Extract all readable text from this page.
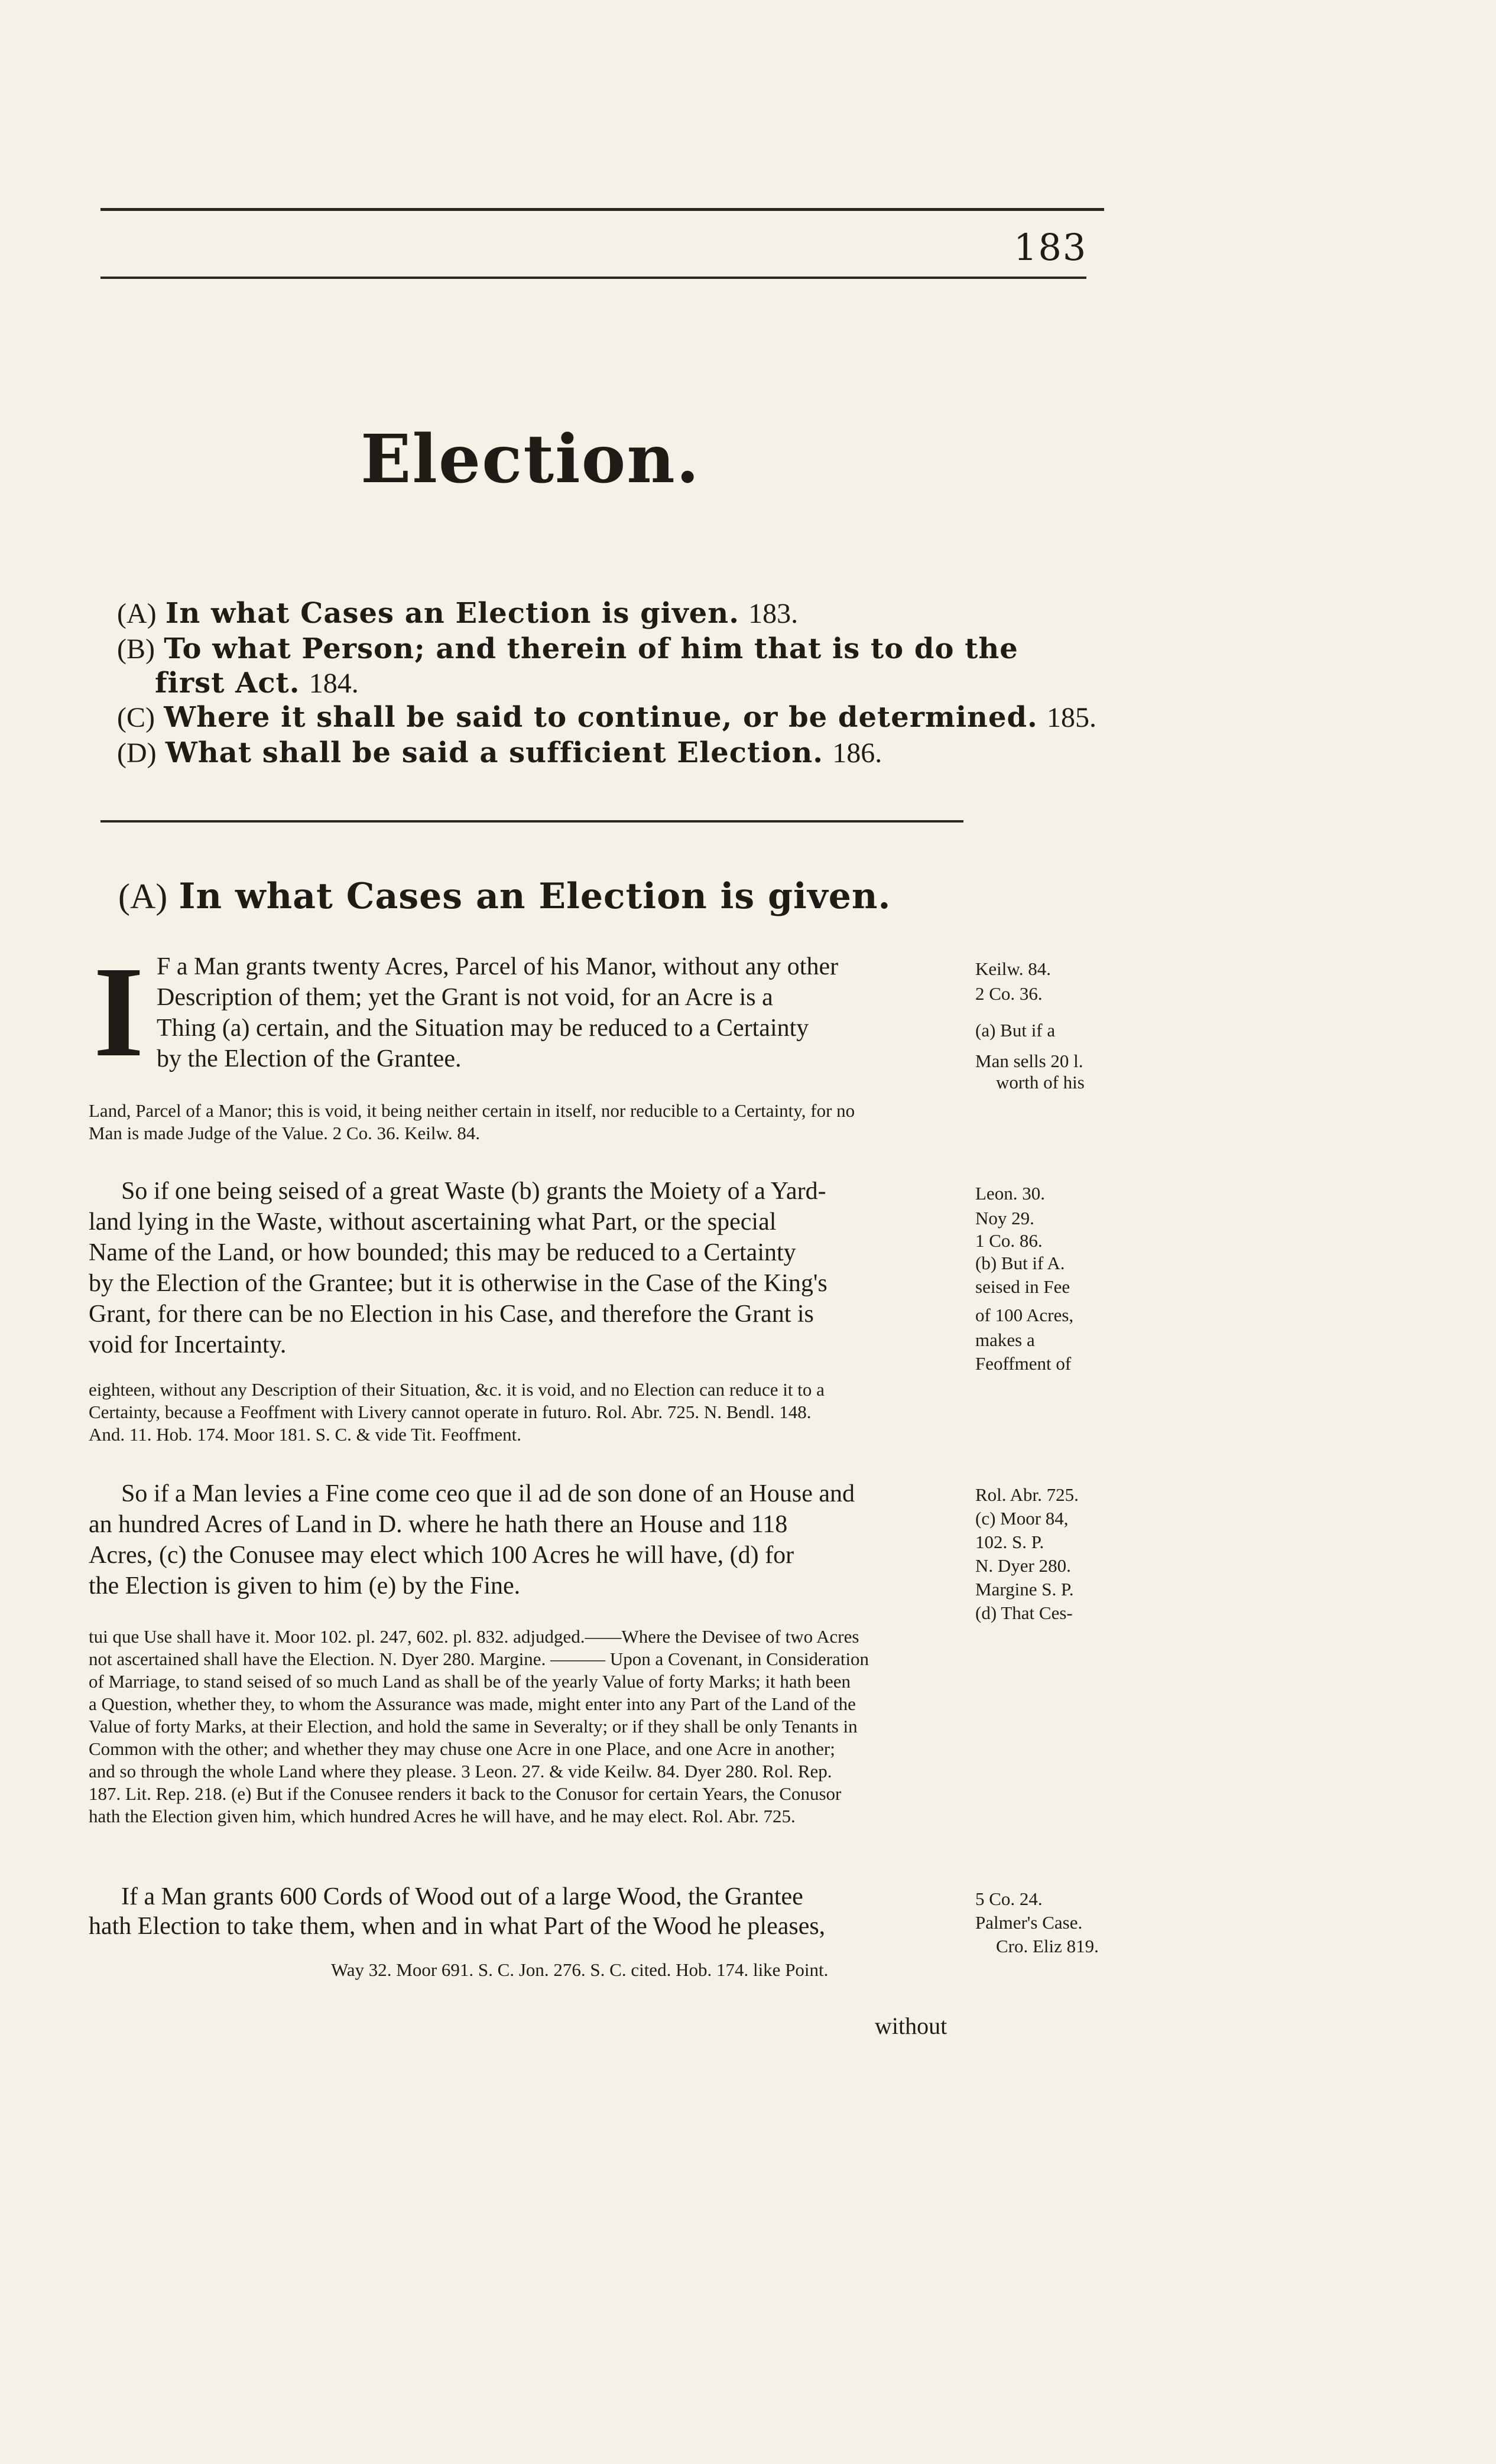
183
Election.
(A) In what Cases an Election is given. 183.
(B) To what Person; and therein of him that is to do the
first Act. 184.
(C) Where it shall be said to continue, or be determined. 185.
(D) What shall be said a sufficient Election. 186.
(A) In what Cases an Election is given.
I F a Man grants twenty Acres, Parcel of his Manor, without any other
Description of them; yet the Grant is not void, for an Acre is a
Thing (a) certain, and the Situation may be reduced to a Certainty
by the Election of the Grantee.
Keilw. 84.
2 Co. 36.
(a) But if a
Man sells 20 l.
worth of his
Land, Parcel of a Manor; this is void, it being neither certain in itself, nor reducible to a Certainty, for no
Man is made Judge of the Value. 2 Co. 36. Keilw. 84.
So if one being seised of a great Waste (b) grants the Moiety of a Yard-
land lying in the Waste, without ascertaining what Part, or the special
Name of the Land, or how bounded; this may be reduced to a Certainty
by the Election of the Grantee; but it is otherwise in the Case of the King's
Grant, for there can be no Election in his Case, and therefore the Grant is
void for Incertainty.
Leon. 30.
Noy 29.
1 Co. 86.
(b) But if A.
seised in Fee
of 100 Acres,
makes a
Feoffment of
eighteen, without any Description of their Situation, &c. it is void, and no Election can reduce it to a
Certainty, because a Feoffment with Livery cannot operate in futuro. Rol. Abr. 725. N. Bendl. 148.
And. 11. Hob. 174. Moor 181. S. C. & vide Tit. Feoffment.
So if a Man levies a Fine come ceo que il ad de son done of an House and
an hundred Acres of Land in D. where he hath there an House and 118
Acres, (c) the Conusee may elect which 100 Acres he will have, (d) for
the Election is given to him (e) by the Fine.
Rol. Abr. 725.
(c) Moor 84,
102. S. P.
N. Dyer 280.
Margine S. P.
(d) That Ces-
tui que Use shall have it. Moor 102. pl. 247, 602. pl. 832. adjudged.——Where the Devisee of two Acres
not ascertained shall have the Election. N. Dyer 280. Margine. ——— Upon a Covenant, in Consideration
of Marriage, to stand seised of so much Land as shall be of the yearly Value of forty Marks; it hath been
a Question, whether they, to whom the Assurance was made, might enter into any Part of the Land of the
Value of forty Marks, at their Election, and hold the same in Severalty; or if they shall be only Tenants in
Common with the other; and whether they may chuse one Acre in one Place, and one Acre in another;
and so through the whole Land where they please. 3 Leon. 27. & vide Keilw. 84. Dyer 280. Rol. Rep.
187. Lit. Rep. 218. (e) But if the Conusee renders it back to the Conusor for certain Years, the Conusor
hath the Election given him, which hundred Acres he will have, and he may elect. Rol. Abr. 725.
If a Man grants 600 Cords of Wood out of a large Wood, the Grantee
hath Election to take them, when and in what Part of the Wood he pleases,
5 Co. 24.
Palmer's Case.
Cro. Eliz 819.
Way 32. Moor 691. S. C. Jon. 276. S. C. cited. Hob. 174. like Point.
without
